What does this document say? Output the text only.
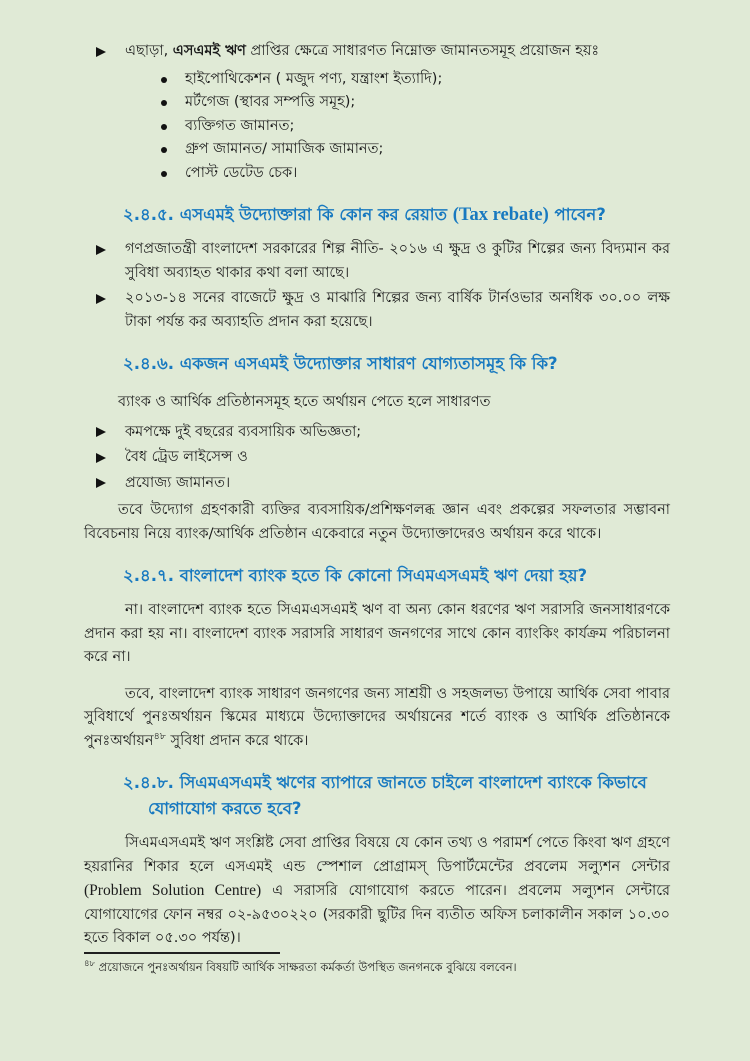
এছাড়া, এসএমই ঋণ প্রাপ্তির ক্ষেত্রে সাধারণত নিম্নোক্ত জামানতসমূহ প্রয়োজন হয়ঃ
হাইপোথিকেশন ( মজুদ পণ্য, যন্ত্রাংশ ইত্যাদি);
মর্টগেজ (স্থাবর সম্পত্তি সমূহ);
ব্যক্তিগত জামানত;
গ্রুপ জামানত/ সামাজিক জামানত;
পোস্ট ডেটেড চেক।
২.৪.৫. এসএমই উদ্যোক্তারা কি কোন কর রেয়াত (Tax rebate) পাবেন?
গণপ্রজাতন্ত্রী বাংলাদেশ সরকারের শিল্প নীতি- ২০১৬ এ ক্ষুদ্র ও কুটির শিল্পের জন্য বিদ্যমান কর সুবিধা অব্যাহত থাকার কথা বলা আছে।
২০১৩-১৪ সনের বাজেটে ক্ষুদ্র ও মাঝারি শিল্পের জন্য বার্ষিক টার্নওভার অনধিক ৩০.০০ লক্ষ টাকা পর্যন্ত কর অব্যাহতি প্রদান করা হয়েছে।
২.৪.৬. একজন এসএমই উদ্যোক্তার সাধারণ যোগ্যতাসমূহ কি কি?

ব্যাংক ও আর্থিক প্রতিষ্ঠানসমূহ হতে অর্থায়ন পেতে হলে সাধারণত

কমপক্ষে দুই বছরের ব্যবসায়িক অভিজ্ঞতা;
বৈধ ট্রেড লাইসেন্স ও
প্রযোজ্য জামানত।

তবে উদ্যোগ গ্রহণকারী ব্যক্তির ব্যবসায়িক/প্রশিক্ষণলব্ধ জ্ঞান এবং প্রকল্পের সফলতার সম্ভাবনা বিবেচনায় নিয়ে ব্যাংক/আর্থিক প্রতিষ্ঠান একেবারে নতুন উদ্যোক্তাদেরও অর্থায়ন করে থাকে।

২.৪.৭. বাংলাদেশ ব্যাংক হতে কি কোনো সিএমএসএমই ঋণ দেয়া হয়?

না। বাংলাদেশ ব্যাংক হতে সিএমএসএমই ঋণ বা অন্য কোন ধরণের ঋণ সরাসরি জনসাধারণকে প্রদান করা হয় না। বাংলাদেশ ব্যাংক সরাসরি সাধারণ জনগণের সাথে কোন ব্যাংকিং কার্যক্রম পরিচালনা করে না।

তবে, বাংলাদেশ ব্যাংক সাধারণ জনগণের জন্য সাশ্রয়ী ও সহজলভ্য উপায়ে আর্থিক সেবা পাবার সুবিধার্থে পুনঃঅর্থায়ন স্কিমের মাধ্যমে উদ্যোক্তাদের অর্থায়নের শর্তে ব্যাংক ও আর্থিক প্রতিষ্ঠানকে পুনঃঅর্থায়ন$^{৪৮}$ সুবিধা প্রদান করে থাকে।

২.৪.৮. সিএমএসএমই ঋণের ব্যাপারে জানতে চাইলে বাংলাদেশ ব্যাংকে কিভাবে যোগাযোগ করতে হবে?

সিএমএসএমই ঋণ সংশ্লিষ্ট সেবা প্রাপ্তির বিষয়ে যে কোন তথ্য ও পরামর্শ পেতে কিংবা ঋণ গ্রহণে হয়রানির শিকার হলে এসএমই এন্ড স্পেশাল প্রোগ্রামস্ ডিপার্টমেন্টের প্রবলেম সল্যুশন সেন্টার (Problem Solution Centre) এ সরাসরি যোগাযোগ করতে পারেন। প্রবলেম সল্যুশন সেন্টারে যোগাযোগের ফোন নম্বর ০২-৯৫৩০২২০ (সরকারী ছুটির দিন ব্যতীত অফিস চলাকালীন সকাল ১০.৩০ হতে বিকাল ০৫.৩০ পর্যন্ত)।

$^{৪৮}$ প্রয়োজনে পুনঃঅর্থায়ন বিষয়টি আর্থিক সাক্ষরতা কর্মকর্তা উপস্থিত জনগনকে বুঝিয়ে বলবেন।
